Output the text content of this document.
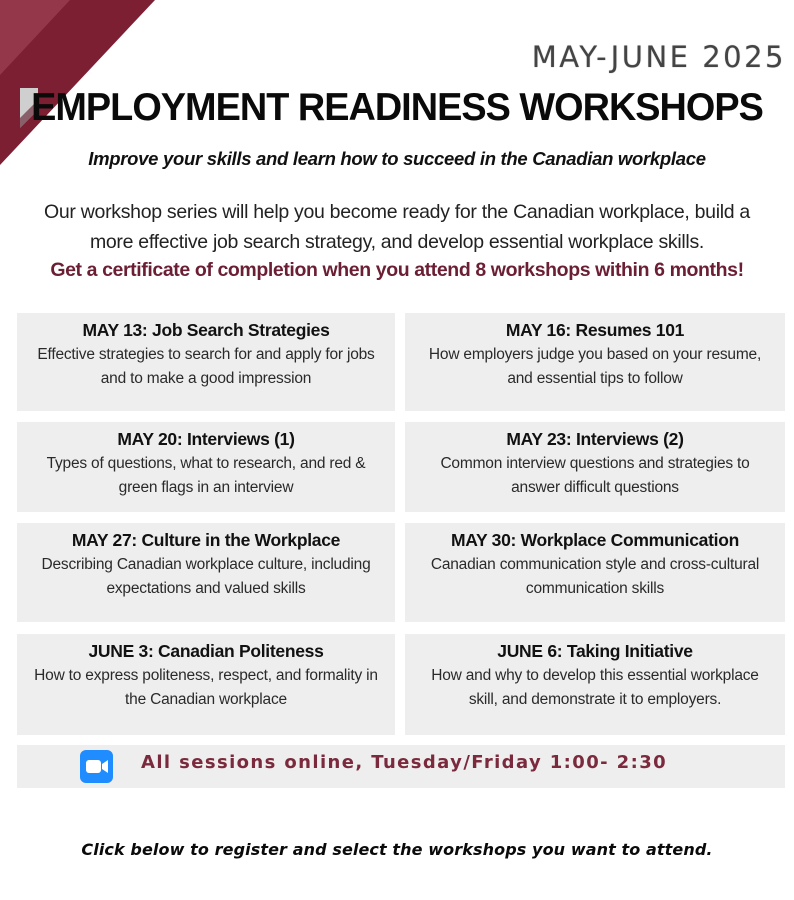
MAY-JUNE 2025
EMPLOYMENT READINESS WORKSHOPS
Improve your skills and learn how to succeed in the Canadian workplace
Our workshop series will help you become ready for the Canadian workplace, build a
more effective job search strategy, and develop essential workplace skills.
Get a certificate of completion when you attend 8 workshops within 6 months!
MAY 13: Job Search Strategies
Effective strategies to search for and apply for jobs
and to make a good impression
MAY 16: Resumes 101
How employers judge you based on your resume,
and essential tips to follow
MAY 20: Interviews (1)
Types of questions, what to research, and red &
green flags in an interview
MAY 23: Interviews (2)
Common interview questions and strategies to
answer difficult questions
MAY 27: Culture in the Workplace
Describing Canadian workplace culture, including
expectations and valued skills
MAY 30: Workplace Communication
Canadian communication style and cross-cultural
communication skills
JUNE 3: Canadian Politeness
How to express politeness, respect, and formality in
the Canadian workplace
JUNE 6: Taking Initiative
How and why to develop this essential workplace
skill, and demonstrate it to employers.
All sessions online, Tuesday/Friday 1:00- 2:30
Click below to register and select the workshops you want to attend.
